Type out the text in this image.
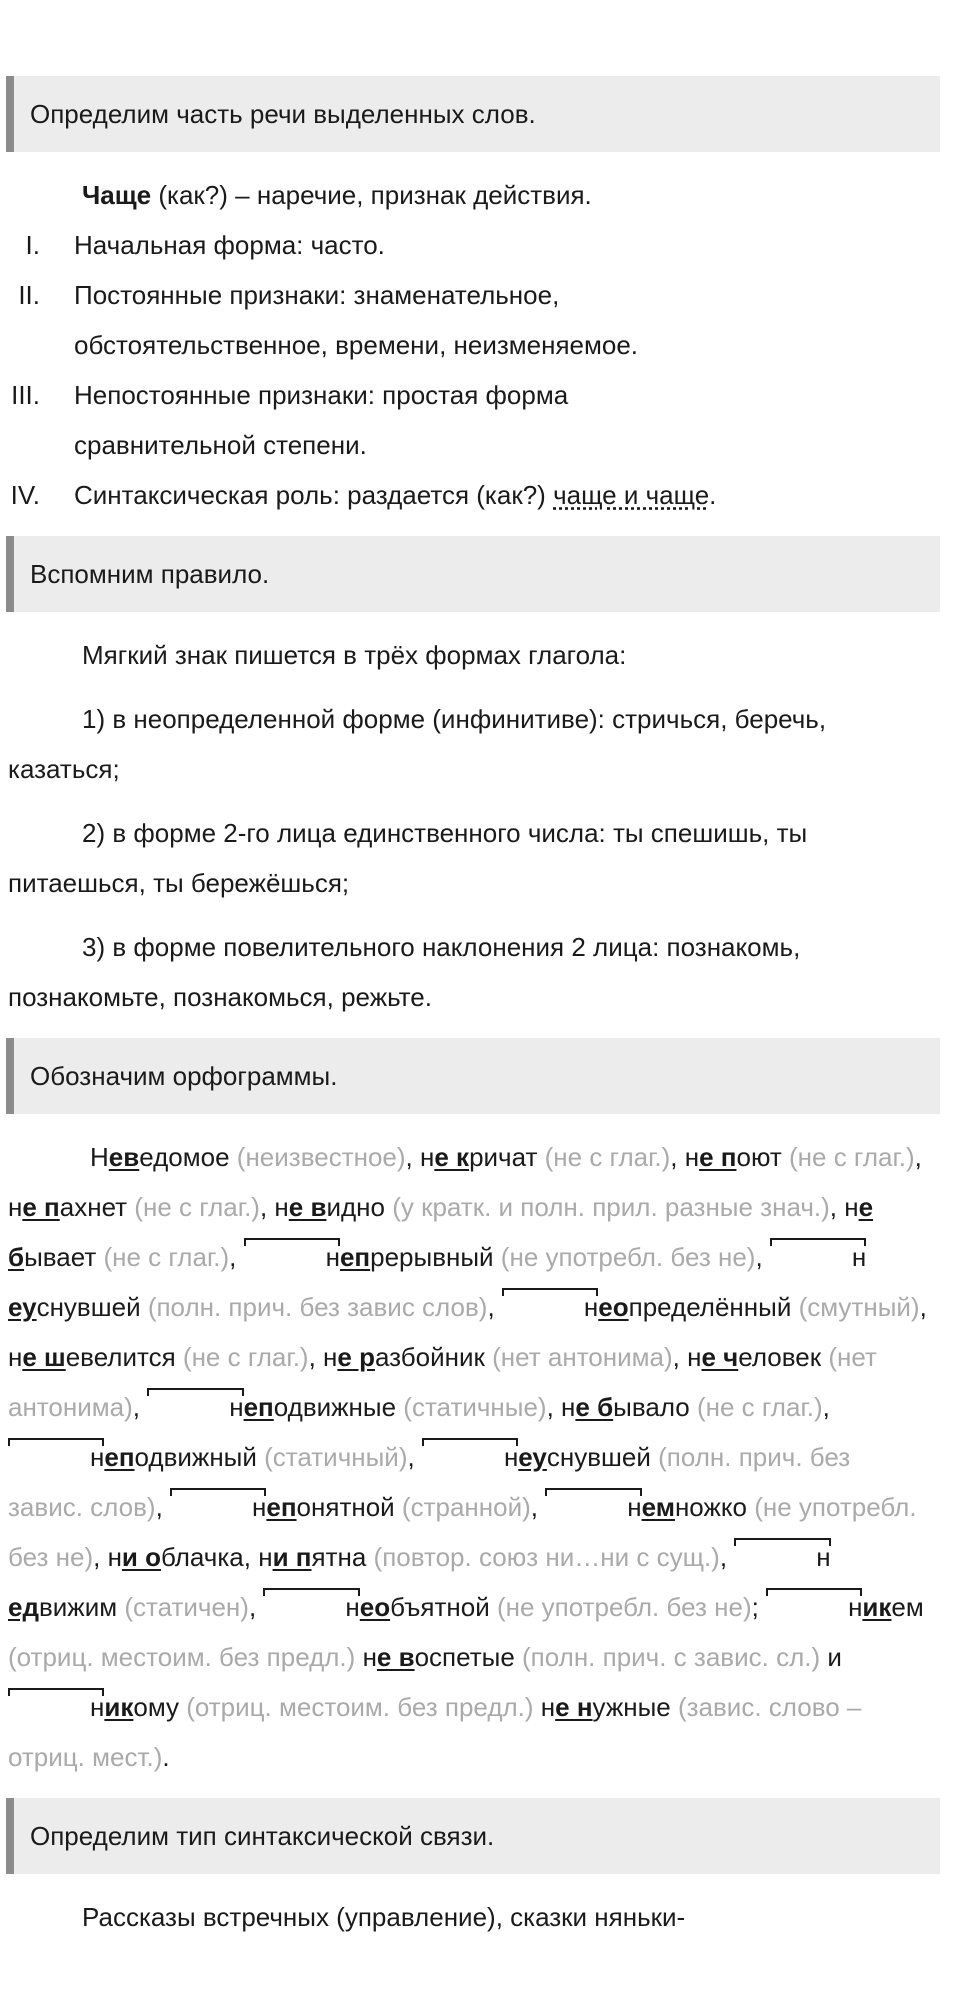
Определим часть речи выделенных слов.

Чаще (как?) – наречие, признак действия.

I. Начальная форма: часто.
II. Постоянные признаки: знаменательное,
обстоятельственное, времени, неизменяемое.
III. Непостоянные признаки: простая форма
сравнительной степени.
IV. Синтаксическая роль: раздается (как?) чаще и чаще.
Вспомним правило.

Мягкий знак пишется в трёх формах глагола:

1) в неопределенной форме (инфинитиве): стричься, беречь, казаться;

2) в форме 2-го лица единственного числа: ты спешишь, ты питаешься, ты бережёшься;

3) в форме повелительного наклонения 2 лица: познакомь, познакомьте, познакомься, режьте.

Обозначим орфограммы.

Неведомое (неизвестное), не кричат (не с глаг.), не поют (не с глаг.), не пахнет (не с глаг.), не видно (у кратк. и полн. прил. разные знач.), не бывает (не с глаг.),	непрерывный (не употребл. без не),	неуснувшей (полн. прич. без завис слов),	неопределённый (смутный), не шевелится (не с глаг.), не разбойник (нет антонима), не человек (нет антонима),	неподвижные (статичные), не бывало (не с глаг.), неподвижный (статичный),	неуснувшей (полн. прич. без завис. слов),	непонятной (странной),	немножко (не употребл. без не), ни облачка, ни пятна (повтор. союз ни…ни с сущ.),	недвижим (статичен),	необъятной (не употребл. без не);	никем (отриц. местоим. без предл.) не воспетые (полн. прич. с завис. сл.) и никому (отриц. местоим. без предл.) не нужные (завис. слово – отриц. мест.).

Определим тип синтаксической связи.

Рассказы встречных (управление), сказки няньки-
